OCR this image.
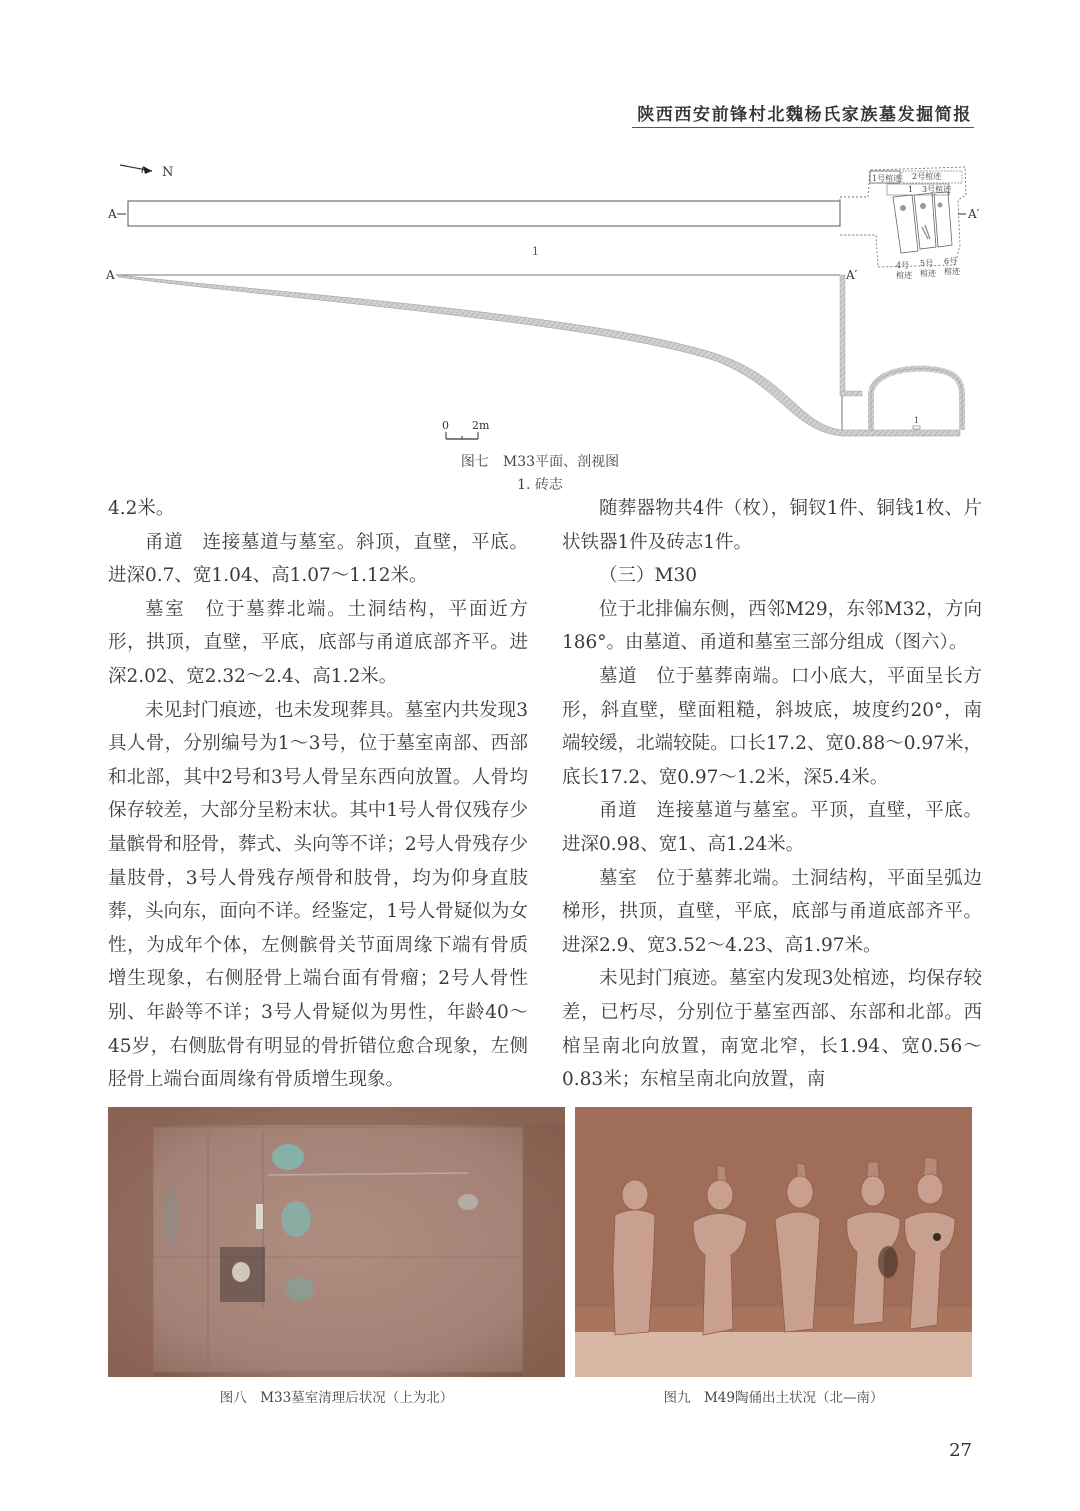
陕西西安前锋村北魏杨氏家族墓发掘简报
N
A
1
1号棺迹 2号棺迹
3号棺迹
1
4号
棺迹
5号
棺迹
6号
棺迹
A′
A	A′
1
0 2m
图七　M33平面、剖视图
1. 砖志

4.2米。

甬道　连接墓道与墓室。斜顶，直壁，平底。进深0.7、宽1.04、高1.07～1.12米。

墓室　位于墓葬北端。土洞结构，平面近方形，拱顶，直壁，平底，底部与甬道底部齐平。进深2.02、宽2.32～2.4、高1.2米。

未见封门痕迹，也未发现葬具。墓室内共发现3具人骨，分别编号为1～3号，位于墓室南部、西部和北部，其中2号和3号人骨呈东西向放置。人骨均保存较差，大部分呈粉末状。其中1号人骨仅残存少量髌骨和胫骨，葬式、头向等不详；2号人骨残存少量肢骨，3号人骨残存颅骨和肢骨，均为仰身直肢葬，头向东，面向不详。经鉴定，1号人骨疑似为女性，为成年个体，左侧髌骨关节面周缘下端有骨质增生现象，右侧胫骨上端台面有骨瘤；2号人骨性别、年龄等不详；3号人骨疑似为男性，年龄40～45岁，右侧肱骨有明显的骨折错位愈合现象，左侧胫骨上端台面周缘有骨质增生现象。

随葬器物共4件（枚），铜钗1件、铜钱1枚、片状铁器1件及砖志1件。

（三）M30

位于北排偏东侧，西邻M29，东邻M32，方向186°。由墓道、甬道和墓室三部分组成（图六）。

墓道　位于墓葬南端。口小底大，平面呈长方形，斜直壁，壁面粗糙，斜坡底，坡度约20°，南端较缓，北端较陡。口长17.2、宽0.88～0.97米，底长17.2、宽0.97～1.2米，深5.4米。

甬道　连接墓道与墓室。平顶，直壁，平底。进深0.98、宽1、高1.24米。

墓室　位于墓葬北端。土洞结构，平面呈弧边梯形，拱顶，直壁，平底，底部与甬道底部齐平。进深2.9、宽3.52～4.23、高1.97米。

未见封门痕迹。墓室内发现3处棺迹，均保存较差，已朽尽，分别位于墓室西部、东部和北部。西棺呈南北向放置，南宽北窄，长1.94、宽0.56～0.83米；东棺呈南北向放置，南

图八　M33墓室清理后状况（上为北）	图九　M49陶俑出土状况（北—南）
27
